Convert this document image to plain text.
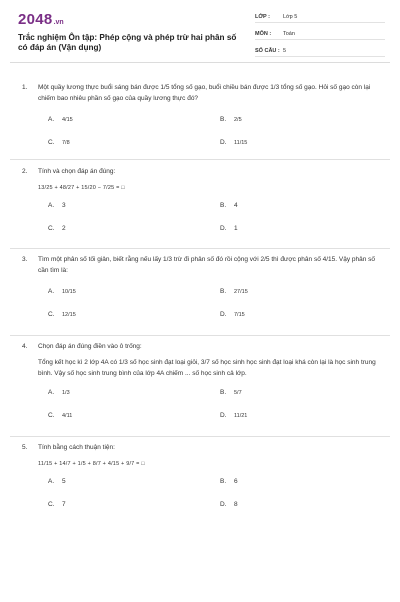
2048.vn
Trắc nghiệm Ôn tập: Phép cộng và phép trừ hai phân số có đáp án (Vận dụng)
LỚP :	Lớp 5
MÔN :	Toán
SỐ CÂU : 5
1. Một quầy lương thực buổi sáng bán được 1/5 tổng số gạo, buổi chiều bán được 1/3 tổng số gạo. Hỏi số gạo còn lại chiếm bao nhiêu phần số gạo của quầy lương thực đó?
A. 4/15	B. 2/5
C. 7/8	D. 11/15
2. Tính và chọn đáp án đúng:
13/25 + 48/27 + 15/20 − 7/25 = □
A. 3	B. 4
C. 2	D. 1
3. Tìm một phân số tối giản, biết rằng nếu lấy 1/3 trừ đi phân số đó rồi cộng với 2/5 thì được phân số 4/15. Vậy phân số cần tìm là:
A. 10/15	B. 27/15
C. 12/15	D. 7/15
4. Chọn đáp án đúng điền vào ô trống:
Tổng kết học kì 2 lớp 4A có 1/3 số học sinh đạt loại giỏi, 3/7 số học sinh học sinh đạt loại khá còn lại là học sinh trung bình. Vậy số học sinh trung bình của lớp 4A chiếm ... số học sinh cả lớp.
A. 1/3	B. 5/7
C. 4/11	D. 11/21
5. Tính bằng cách thuận tiện:
11/15 + 14/7 + 1/5 + 8/7 + 4/15 + 9/7 = □
A. 5	B. 6
C. 7	D. 8
